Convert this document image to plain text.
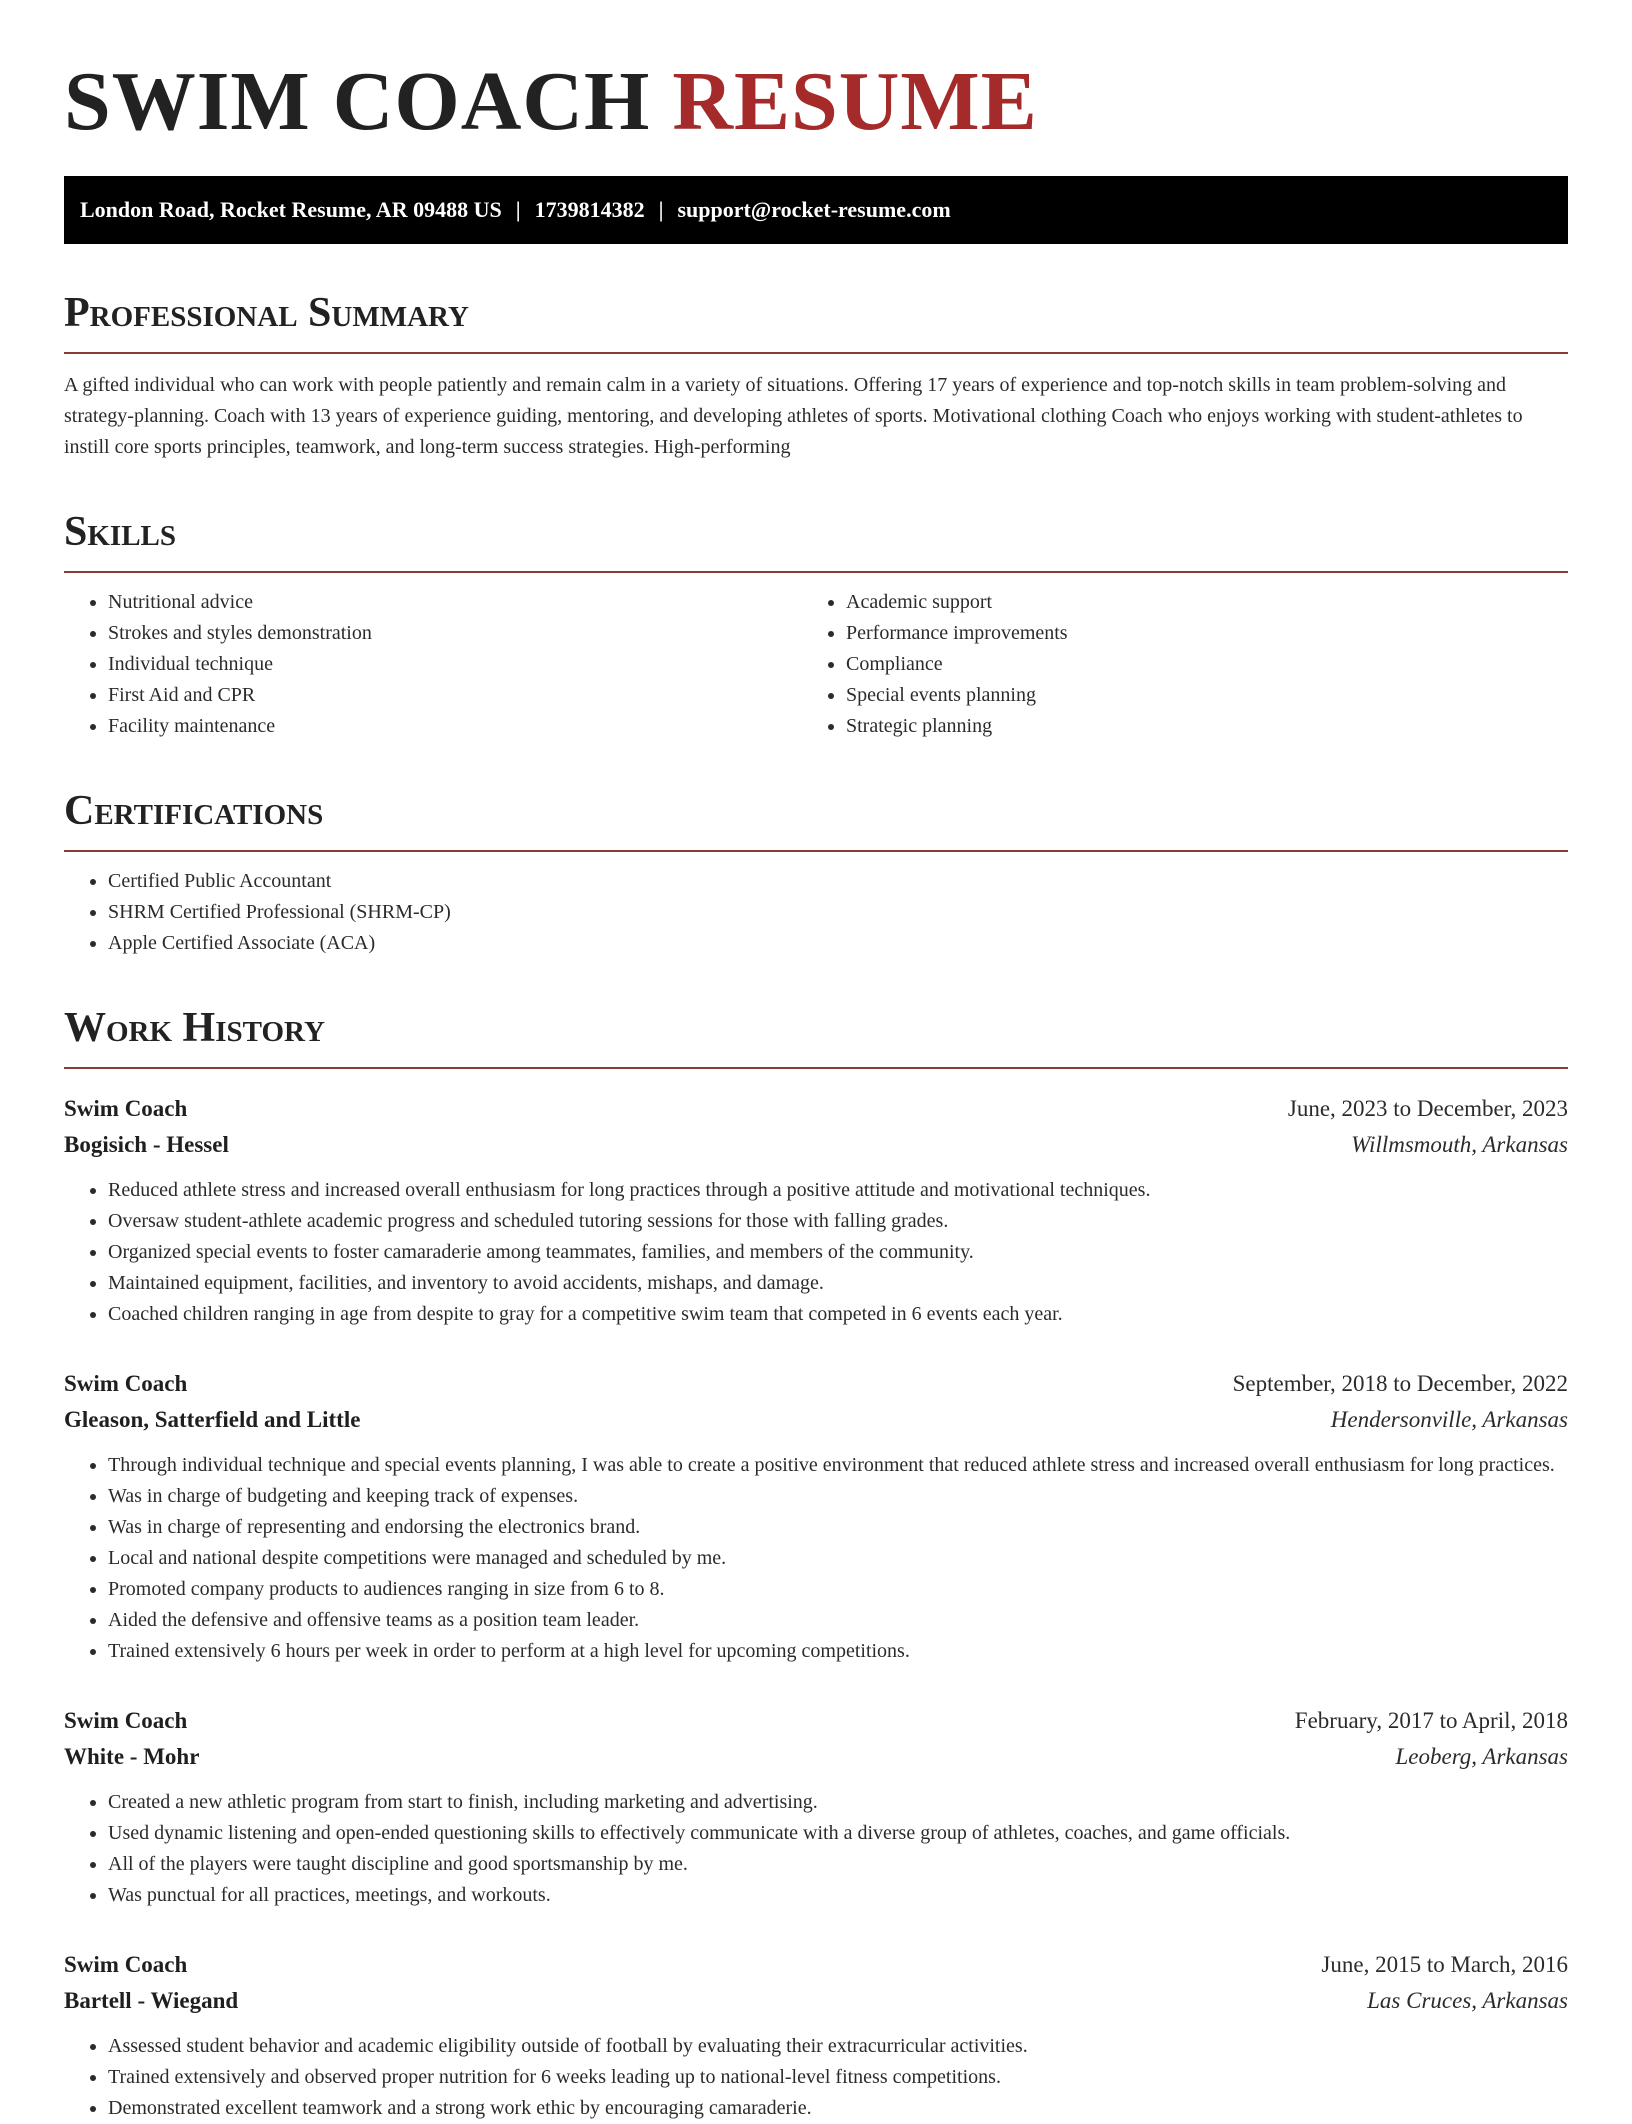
SWIM COACH RESUME
London Road, Rocket Resume, AR 09488 US | 1739814382 | support@rocket-resume.com
Professional Summary

A gifted individual who can work with people patiently and remain calm in a variety of situations. Offering 17 years of experience and top-notch skills in team problem-solving and strategy-planning. Coach with 13 years of experience guiding, mentoring, and developing athletes of sports. Motivational clothing Coach who enjoys working with student-athletes to instill core sports principles, teamwork, and long-term success strategies. High-performing

Skills
• Nutritional advice
• Strokes and styles demonstration
• Individual technique
• First Aid and CPR
• Facility maintenance
• Academic support
• Performance improvements
• Compliance
• Special events planning
• Strategic planning
Certifications
• Certified Public Accountant
• SHRM Certified Professional (SHRM-CP)
• Apple Certified Associate (ACA)
Work History
Swim Coach	June, 2023 to December, 2023
Bogisich - Hessel	Willmsmouth, Arkansas
• Reduced athlete stress and increased overall enthusiasm for long practices through a positive attitude and motivational techniques.
• Oversaw student-athlete academic progress and scheduled tutoring sessions for those with falling grades.
• Organized special events to foster camaraderie among teammates, families, and members of the community.
• Maintained equipment, facilities, and inventory to avoid accidents, mishaps, and damage.
• Coached children ranging in age from despite to gray for a competitive swim team that competed in 6 events each year.
Swim Coach	September, 2018 to December, 2022
Gleason, Satterfield and Little	Hendersonville, Arkansas
• Through individual technique and special events planning, I was able to create a positive environment that reduced athlete stress and increased overall enthusiasm for long practices.
• Was in charge of budgeting and keeping track of expenses.
• Was in charge of representing and endorsing the electronics brand.
• Local and national despite competitions were managed and scheduled by me.
• Promoted company products to audiences ranging in size from 6 to 8.
• Aided the defensive and offensive teams as a position team leader.
• Trained extensively 6 hours per week in order to perform at a high level for upcoming competitions.
Swim Coach	February, 2017 to April, 2018
White - Mohr	Leoberg, Arkansas
• Created a new athletic program from start to finish, including marketing and advertising.
• Used dynamic listening and open-ended questioning skills to effectively communicate with a diverse group of athletes, coaches, and game officials.
• All of the players were taught discipline and good sportsmanship by me.
• Was punctual for all practices, meetings, and workouts.
Swim Coach	June, 2015 to March, 2016
Bartell - Wiegand	Las Cruces, Arkansas
• Assessed student behavior and academic eligibility outside of football by evaluating their extracurricular activities.
• Trained extensively and observed proper nutrition for 6 weeks leading up to national-level fitness competitions.
• Demonstrated excellent teamwork and a strong work ethic by encouraging camaraderie.
